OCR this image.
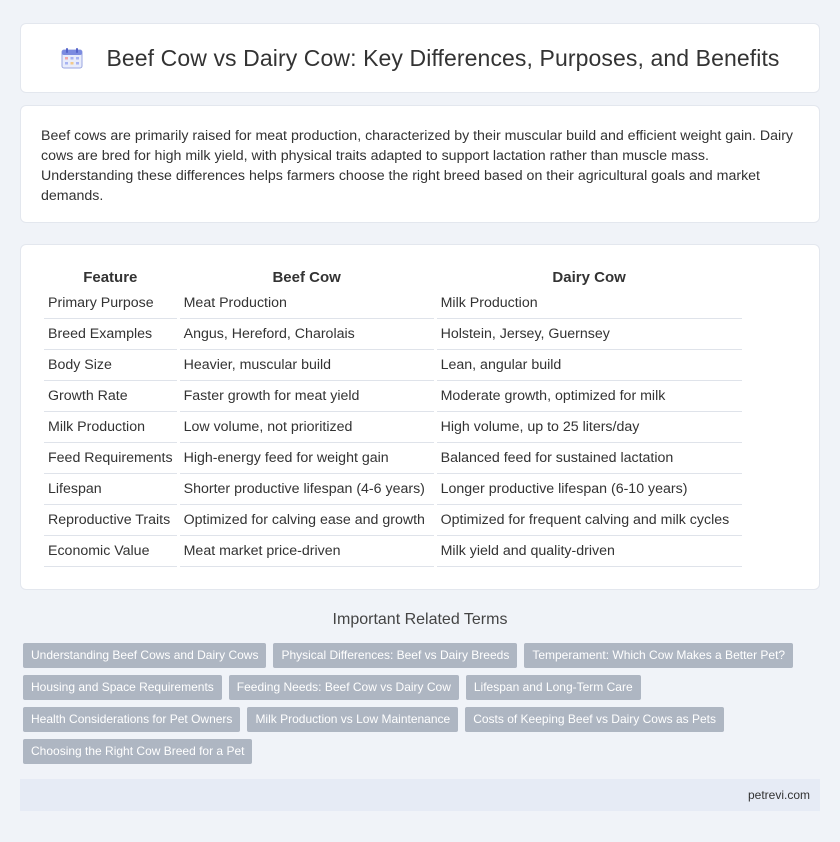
Beef Cow vs Dairy Cow: Key Differences, Purposes, and Benefits

Beef cows are primarily raised for meat production, characterized by their muscular build and efficient weight gain. Dairy cows are bred for high milk yield, with physical traits adapted to support lactation rather than muscle mass. Understanding these differences helps farmers choose the right breed based on their agricultural goals and market demands.

Feature	Beef Cow	Dairy Cow
Primary Purpose	Meat Production	Milk Production
Breed Examples	Angus, Hereford, Charolais	Holstein, Jersey, Guernsey
Body Size	Heavier, muscular build	Lean, angular build
Growth Rate	Faster growth for meat yield	Moderate growth, optimized for milk
Milk Production	Low volume, not prioritized	High volume, up to 25 liters/day
Feed Requirements	High-energy feed for weight gain	Balanced feed for sustained lactation
Lifespan	Shorter productive lifespan (4-6 years)	Longer productive lifespan (6-10 years)
Reproductive Traits	Optimized for calving ease and growth	Optimized for frequent calving and milk cycles
Economic Value	Meat market price-driven	Milk yield and quality-driven
Important Related Terms
Understanding Beef Cows and Dairy Cows	Physical Differences: Beef vs Dairy Breeds	Temperament: Which Cow Makes a Better Pet?
Housing and Space Requirements	Feeding Needs: Beef Cow vs Dairy Cow	Lifespan and Long-Term Care
Health Considerations for Pet Owners	Milk Production vs Low Maintenance	Costs of Keeping Beef vs Dairy Cows as Pets
Choosing the Right Cow Breed for a Pet
petrevi.com
